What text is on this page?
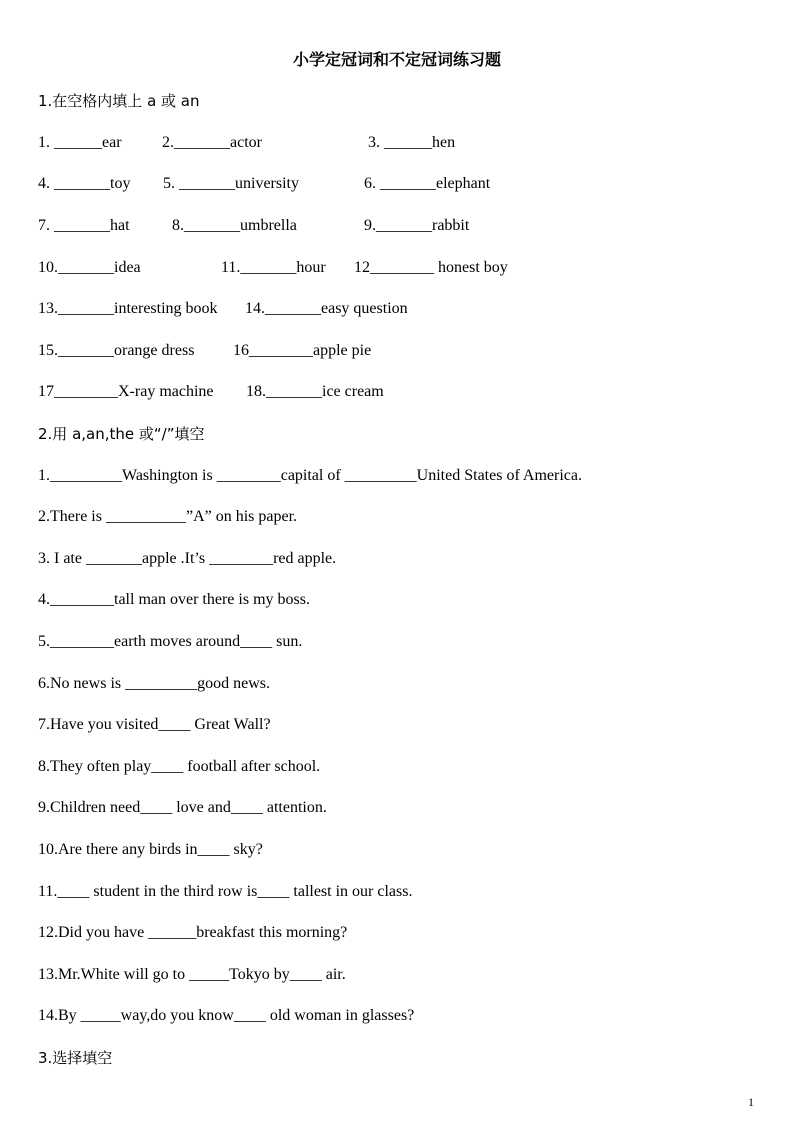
小学定冠词和不定冠词练习题
1.在空格内填上 a 或 an
1. ______ear	2._______actor	3. ______hen
4. _______toy 5. _______university	6. _______elephant
7. _______hat	8._______umbrella	9._______rabbit
10._______idea	11._______hour 12________ honest boy
13._______interesting book 14._______easy question
15._______orange dress 16________apple pie
17________X-ray machine 18._______ice cream
2.用 a,an,the 或“/”填空
1._________Washington is ________capital of _________United States of America.
2.There is __________”A” on his paper.
3. I ate _______apple .It’s ________red apple.
4.________tall man over there is my boss.
5.________earth moves around____ sun.
6.No news is _________good news.
7.Have you visited____ Great Wall?
8.They often play____ football after school.
9.Children need____ love and____ attention.
10.Are there any birds in____ sky?
11.____ student in the third row is____ tallest in our class.
12.Did you have ______breakfast this morning?
13.Mr.White will go to _____Tokyo by____ air.
14.By _____way,do you know____ old woman in glasses?
3.选择填空
1
